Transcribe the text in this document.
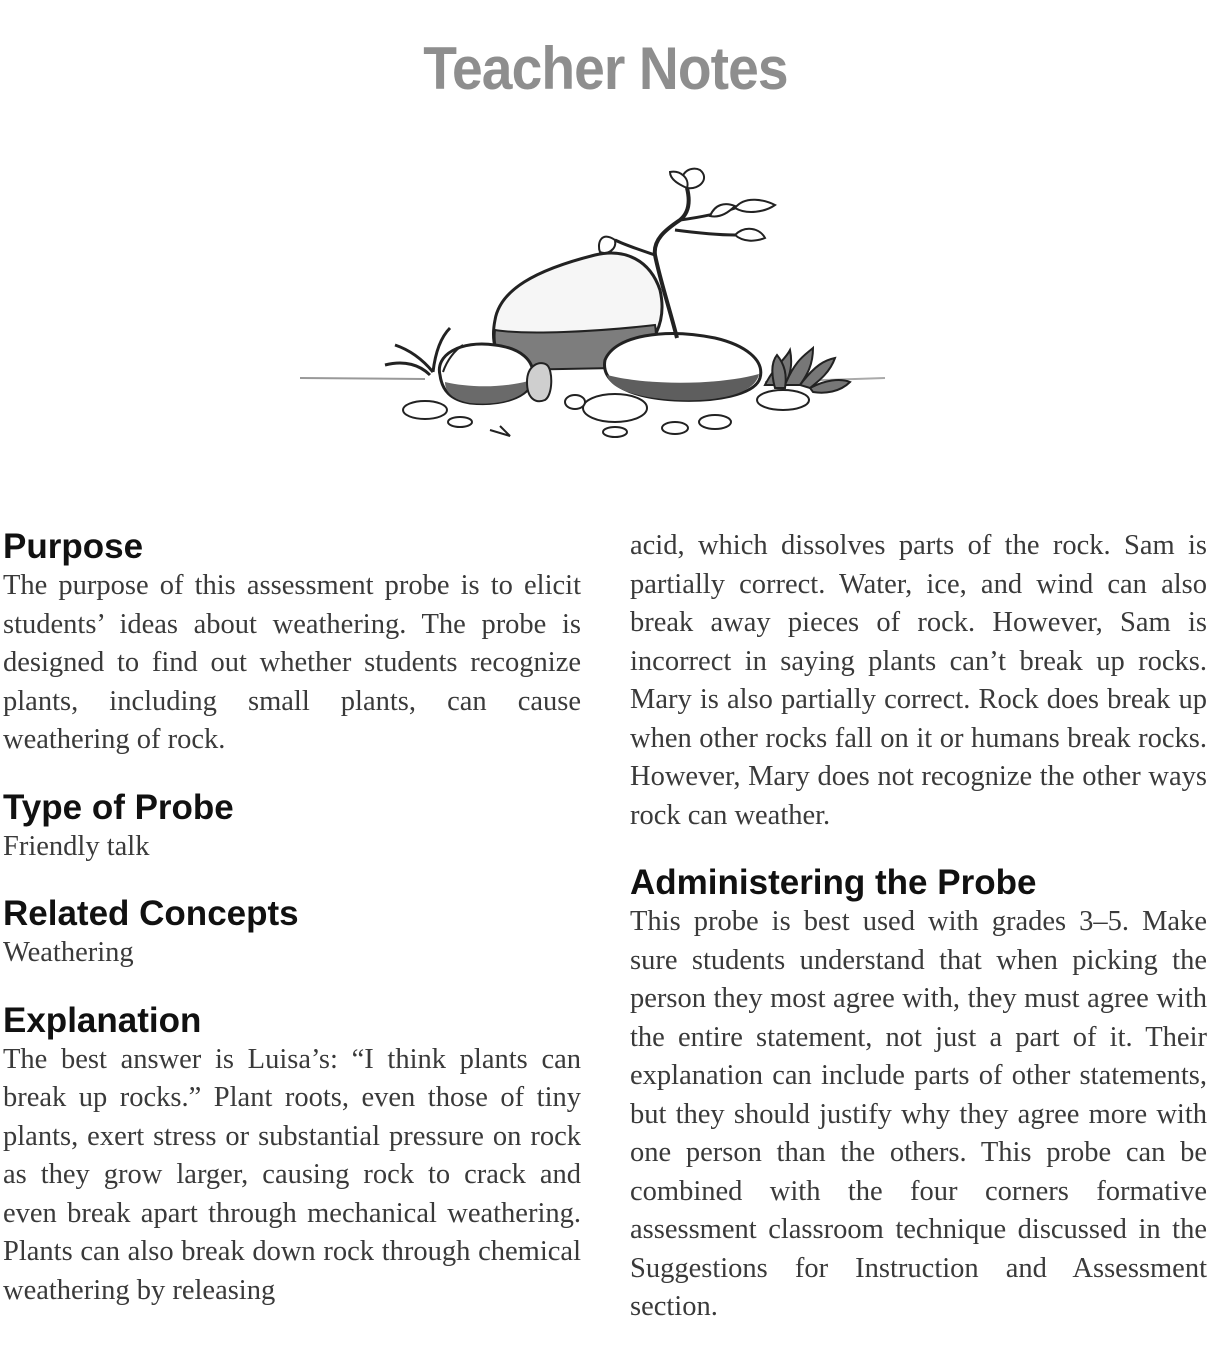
Teacher Notes
Purpose

The purpose of this assessment probe is to elicit students’ ideas about weathering. The probe is designed to find out whether students recognize plants, including small plants, can cause weathering of rock.

Type of Probe

Friendly talk

Related Concepts

Weathering

Explanation

The best answer is Luisa’s: “I think plants can break up rocks.” Plant roots, even those of tiny plants, exert stress or substantial pressure on rock as they grow larger, causing rock to crack and even break apart through mechanical weathering. Plants can also break down rock through chemical weathering by releasing

acid, which dissolves parts of the rock. Sam is partially correct. Water, ice, and wind can also break away pieces of rock. However, Sam is incorrect in saying plants can’t break up rocks. Mary is also partially correct. Rock does break up when other rocks fall on it or humans break rocks. However, Mary does not recognize the other ways rock can weather.

Administering the Probe

This probe is best used with grades 3–5. Make sure students understand that when picking the person they most agree with, they must agree with the entire statement, not just a part of it. Their explanation can include parts of other statements, but they should justify why they agree more with one person than the others. This probe can be combined with the four corners formative assessment classroom technique discussed in the Suggestions for Instruction and Assessment section.
